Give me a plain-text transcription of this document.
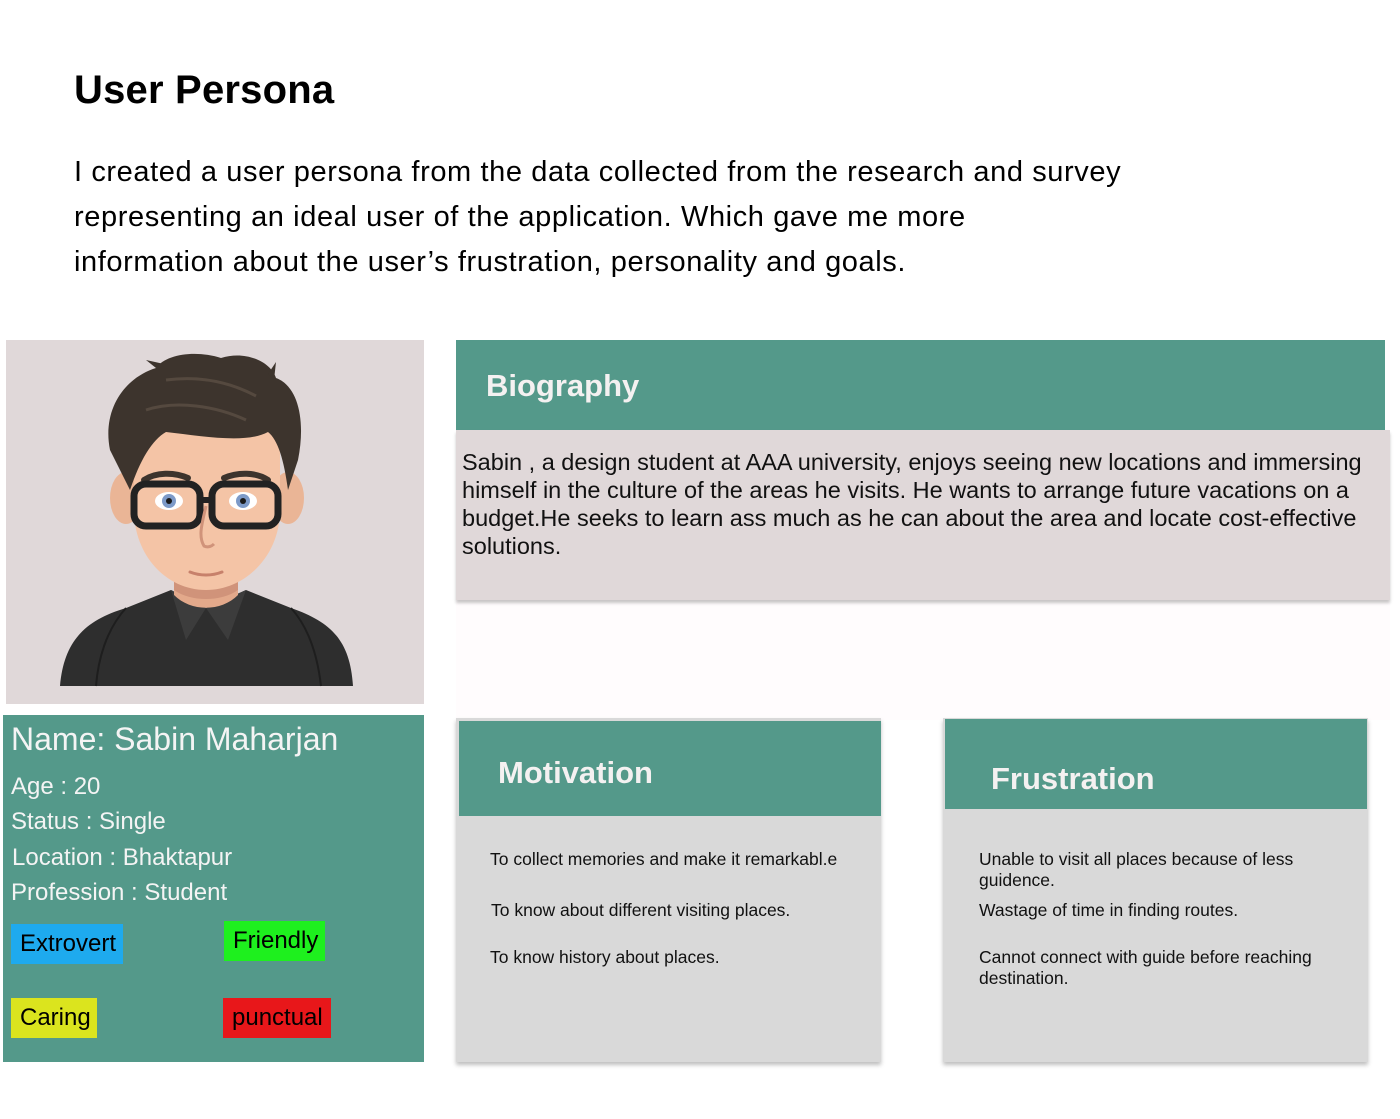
User Persona

I created a user persona from the data collected from the research and survey
representing an ideal user of the application. Which gave me more
information about the user’s frustration, personality and goals.

Name: Sabin Maharjan
Age : 20
Status : Single
Location : Bhaktapur
Profession : Student
Extrovert	Friendly
Caring	punctual
Biography
Sabin , a design student at AAA university, enjoys seeing new locations and immersing himself in the culture of the areas he visits. He wants to arrange future vacations on a budget.He seeks to learn ass much as he can about the area and locate cost-effective solutions.
Motivation
To collect memories and make it remarkabl.e
To know about different visiting places.
To know history about places.
Frustration
Unable to visit all places because of less guidence.
Wastage of time in finding routes.
Cannot connect with guide before reaching destination.
